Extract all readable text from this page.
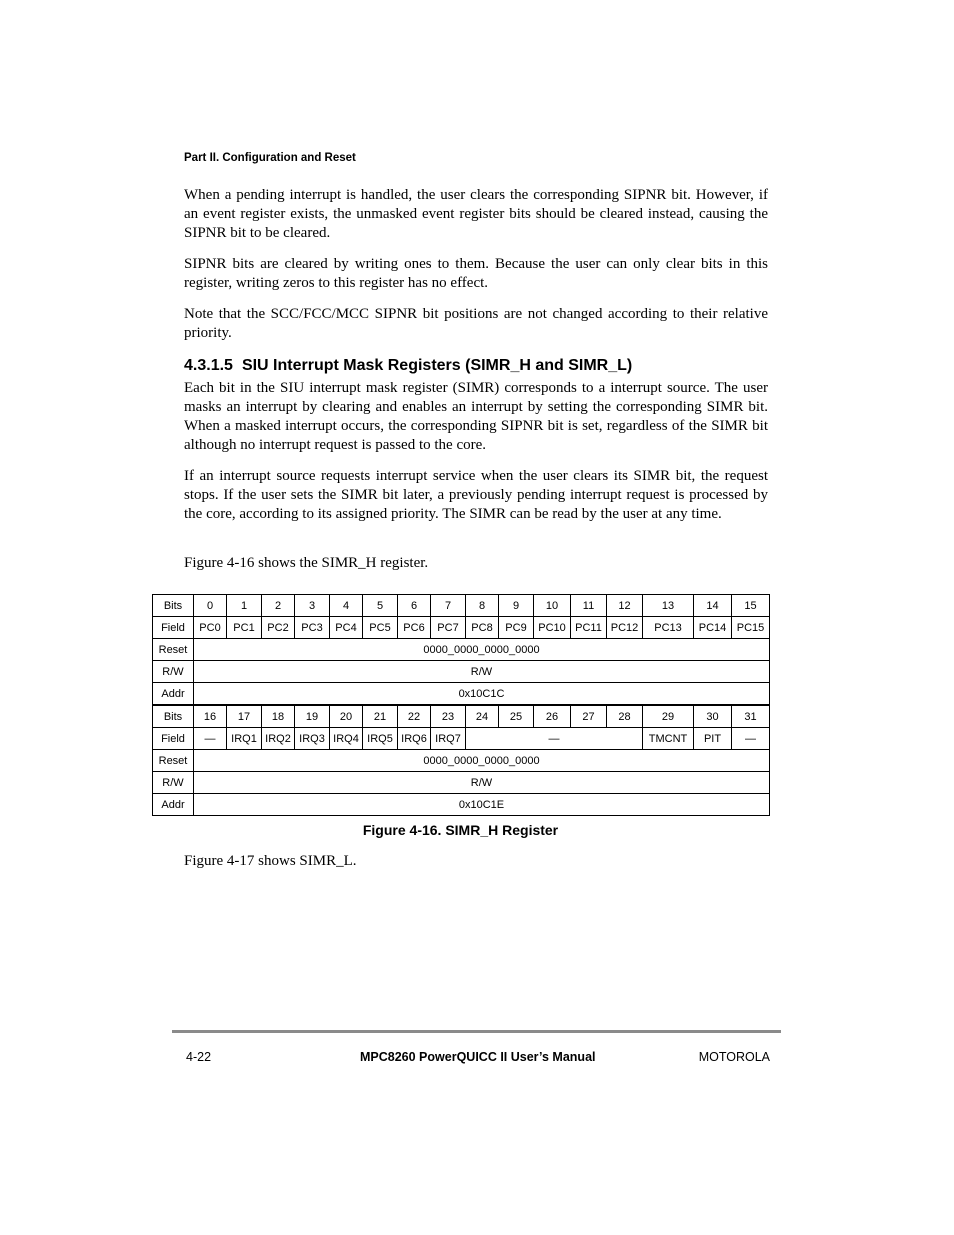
Part II. Configuration and Reset

When a pending interrupt is handled, the user clears the corresponding SIPNR bit. However, if an event register exists, the unmasked event register bits should be cleared instead, causing the SIPNR bit to be cleared.

SIPNR bits are cleared by writing ones to them. Because the user can only clear bits in this register, writing zeros to this register has no effect.

Note that the SCC/FCC/MCC SIPNR bit positions are not changed according to their relative priority.

4.3.1.5 SIU Interrupt Mask Registers (SIMR_H and SIMR_L)

Each bit in the SIU interrupt mask register (SIMR) corresponds to a interrupt source. The user masks an interrupt by clearing and enables an interrupt by setting the corresponding SIMR bit. When a masked interrupt occurs, the corresponding SIPNR bit is set, regardless of the SIMR bit although no interrupt request is passed to the core.

If an interrupt source requests interrupt service when the user clears its SIMR bit, the request stops. If the user sets the SIMR bit later, a previously pending interrupt request is processed by the core, according to its assigned priority. The SIMR can be read by the user at any time.

Figure 4-16 shows the SIMR_H register.

Bits	0	1	2	3	4	5	6	7	8	9	10	11	12	13	14	15
Field	PC0	PC1	PC2	PC3	PC4	PC5	PC6	PC7	PC8	PC9	PC10	PC11	PC12	PC13	PC14	PC15
Reset	0000_0000_0000_0000															
R/W	R/W															
Addr	0x10C1C															
Bits	16	17	18	19	20	21	22	23	24	25	26	27	28	29	30	31
Field	—	IRQ1	IRQ2	IRQ3	IRQ4	IRQ5	IRQ6	IRQ7	—					TMCNT	PIT	—
Reset	0000_0000_0000_0000															
R/W	R/W															
Addr	0x10C1E															
Figure 4-16. SIMR_H Register

Figure 4-17 shows SIMR_L.

4-22	MPC8260 PowerQUICC II User’s Manual	MOTOROLA
